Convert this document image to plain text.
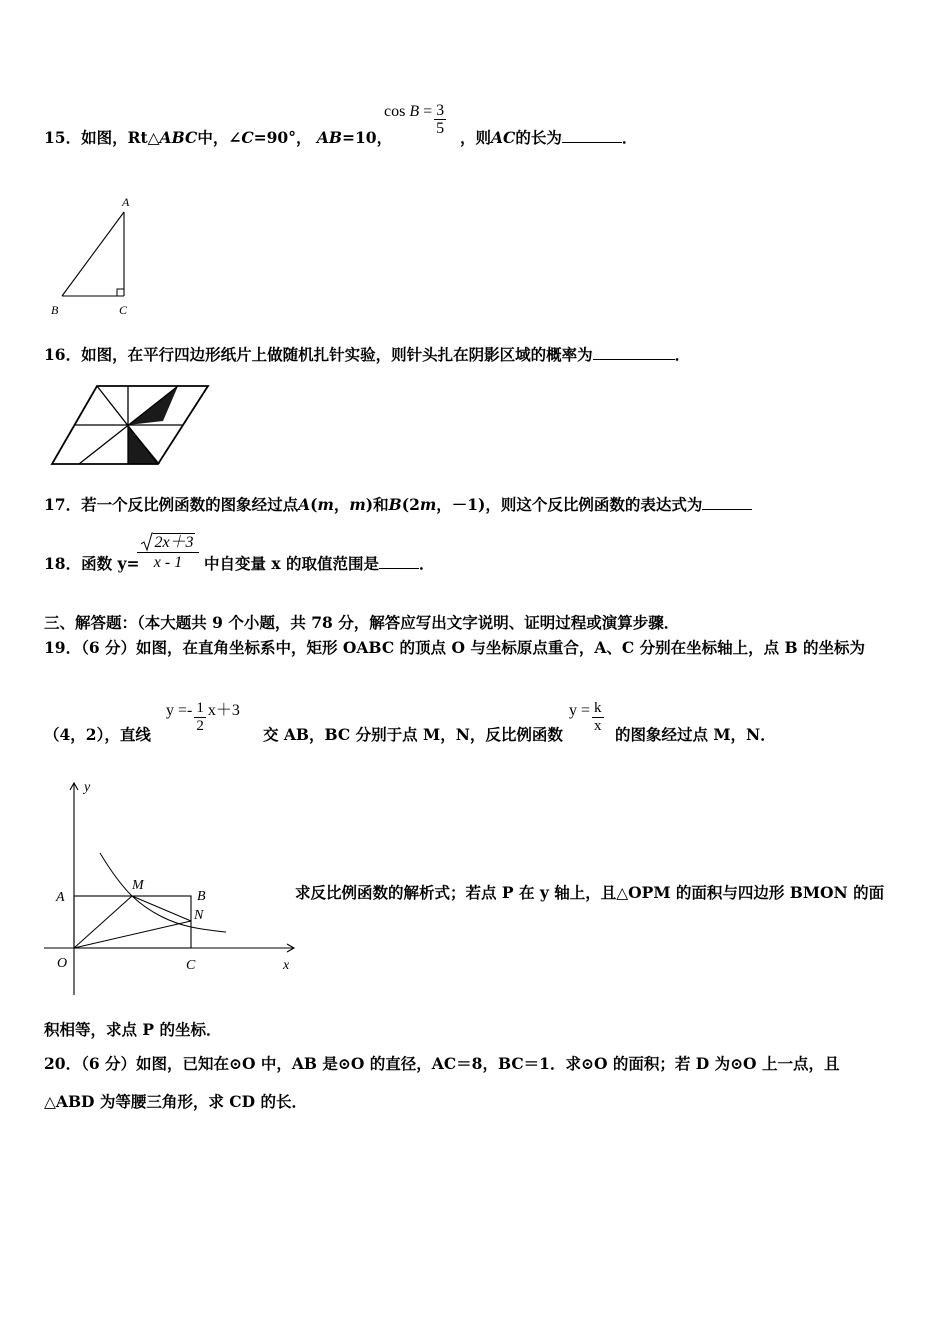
15．如图，Rt△ABC中，∠C=90°， AB=10，
$\cos B = \frac{3}{5}$
，则AC的长为	．
A
B	C
16．如图，在平行四边形纸片上做随机扎针实验，则针头扎在阴影区域的概率为	．
17．若一个反比例函数的图象经过点A(m，m)和B(2m，－1)，则这个反比例函数的表达式为
18．函数 y=
2x＋3
x - 1	中自变量 x 的取值范围是	．
三、解答题：（本大题共 9 个小题，共 78 分，解答应写出文字说明、证明过程或演算步骤．
19．（6 分）如图，在直角坐标系中，矩形 OABC 的顶点 O 与坐标原点重合，A、C 分别在坐标轴上，点 B 的坐标为
（4，2），直线
$y =- \frac{1}{2} x+3$
交 AB，BC 分别于点 M，N，反比例函数
$y = \frac{k}{x}$ 的图象经过点 M，N．
y
x
O
A	B
C
M
N
求反比例函数的解析式；若点 P 在 y 轴上，且△OPM 的面积与四边形 BMON 的面
积相等，求点 P 的坐标．
20．（6 分）如图，已知在⊙O 中，AB 是⊙O 的直径，AC＝8，BC＝1．求⊙O 的面积；若 D 为⊙O 上一点，且
△ABD 为等腰三角形，求 CD 的长．
